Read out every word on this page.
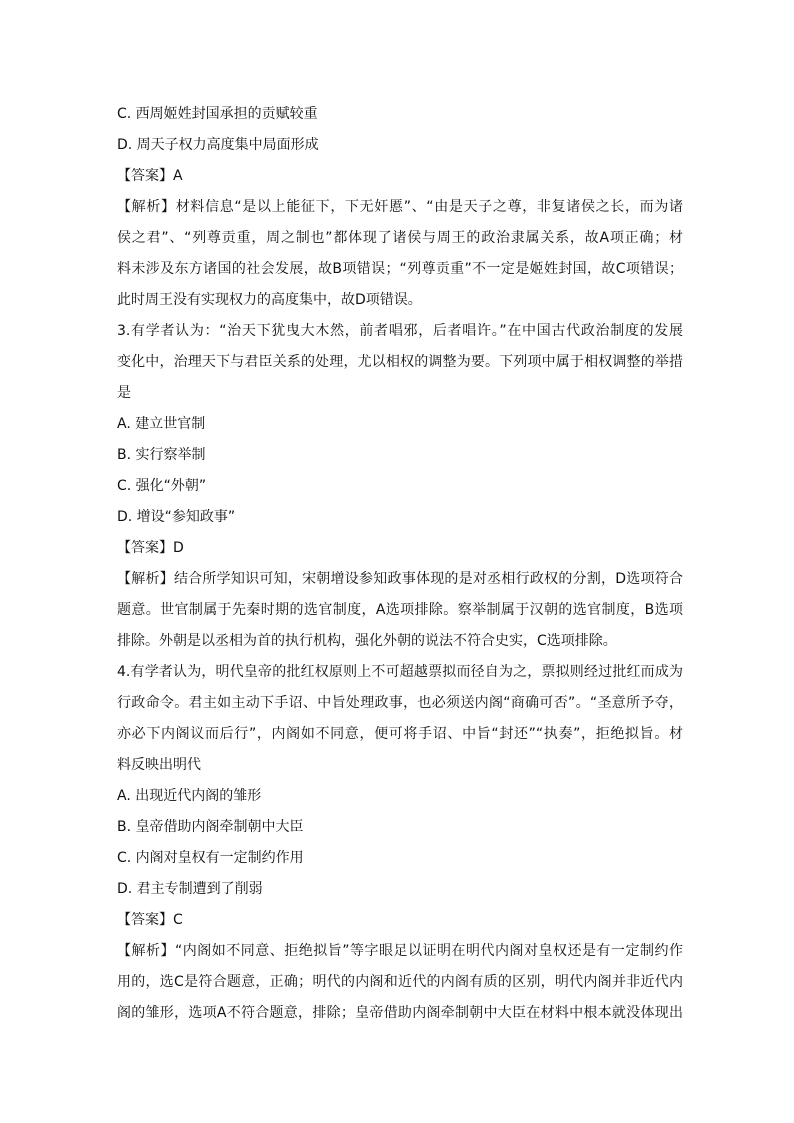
C. 西周姬姓封国承担的贡赋较重
D. 周天子权力高度集中局面形成
【答案】A
【解析】材料信息“是以上能征下，下无奸慝”、“由是天子之尊，非复诸侯之长，而为诸
侯之君”、“列尊贡重，周之制也”都体现了诸侯与周王的政治隶属关系，故A项正确；材
料未涉及东方诸国的社会发展，故B项错误；“列尊贡重”不一定是姬姓封国，故C项错误；
此时周王没有实现权力的高度集中，故D项错误。
3.有学者认为：“治天下犹曳大木然，前者唱邪，后者唱许。”在中国古代政治制度的发展
变化中，治理天下与君臣关系的处理，尤以相权的调整为要。下列项中属于相权调整的举措
是
A. 建立世官制
B. 实行察举制
C. 强化“外朝”
D. 增设“参知政事”
【答案】D
【解析】结合所学知识可知，宋朝增设参知政事体现的是对丞相行政权的分割，D选项符合
题意。世官制属于先秦时期的选官制度，A选项排除。察举制属于汉朝的选官制度，B选项
排除。外朝是以丞相为首的执行机构，强化外朝的说法不符合史实，C选项排除。
4.有学者认为，明代皇帝的批红权原则上不可超越票拟而径自为之，票拟则经过批红而成为
行政命令。君主如主动下手诏、中旨处理政事，也必须送内阁“商确可否”。“圣意所予夺，
亦必下内阁议而后行”，内阁如不同意，便可将手诏、中旨“封还”“执奏”，拒绝拟旨。材
料反映出明代
A. 出现近代内阁的雏形
B. 皇帝借助内阁牵制朝中大臣
C. 内阁对皇权有一定制约作用
D. 君主专制遭到了削弱
【答案】C
【解析】“内阁如不同意、拒绝拟旨”等字眼足以证明在明代内阁对皇权还是有一定制约作
用的，选C是符合题意，正确；明代的内阁和近代的内阁有质的区别，明代内阁并非近代内
阁的雏形，选项A不符合题意，排除；皇帝借助内阁牵制朝中大臣在材料中根本就没体现出
